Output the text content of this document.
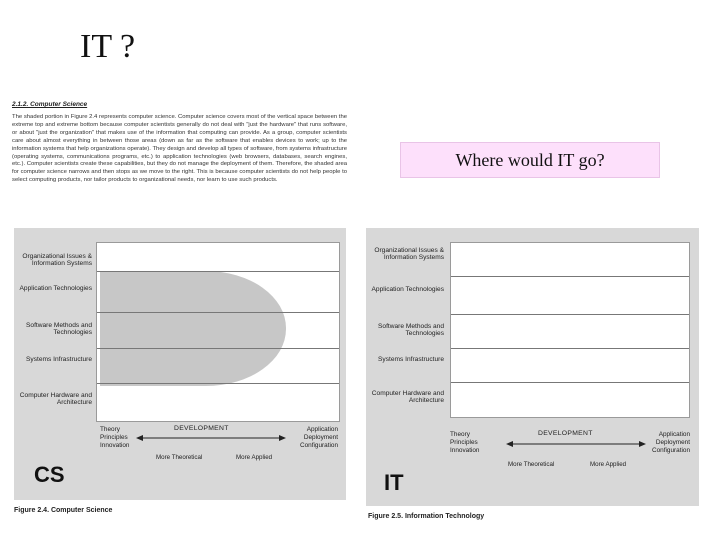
IT ?
2.1.2. Computer Science
The shaded portion in Figure 2.4 represents computer science. Computer science covers most of the vertical space between the extreme top and extreme bottom because computer scientists generally do not deal with "just the hardware" that runs software, or about "just the organization" that makes use of the information that computing can provide. As a group, computer scientists care about almost everything in between those areas (down as far as the software that enables devices to work; up to the information systems that help organizations operate). They design and develop all types of software, from systems infrastructure (operating systems, communications programs, etc.) to application technologies (web browsers, databases, search engines, etc.). Computer scientists create these capabilities, but they do not manage the deployment of them. Therefore, the shaded area for computer science narrows and then stops as we move to the right. This is because computer scientists do not help people to select computing products, nor tailor products to organizational needs, nor learn to use such products.
Where would IT go?
Organizational Issues & Information Systems
Application Technologies
Software Methods and Technologies
Systems Infrastructure
Computer Hardware and Architecture
Theory
Principles
Innovation
DEVELOPMENT	Application
Deployment
Configuration
More Theoretical	More Applied
CS
Figure 2.4. Computer Science
Organizational Issues & Information Systems
Application Technologies
Software Methods and Technologies
Systems Infrastructure
Computer Hardware and Architecture
Theory
Principles
Innovation
DEVELOPMENT	Application
Deployment
Configuration
More Theoretical	More Applied
IT
Figure 2.5. Information Technology
